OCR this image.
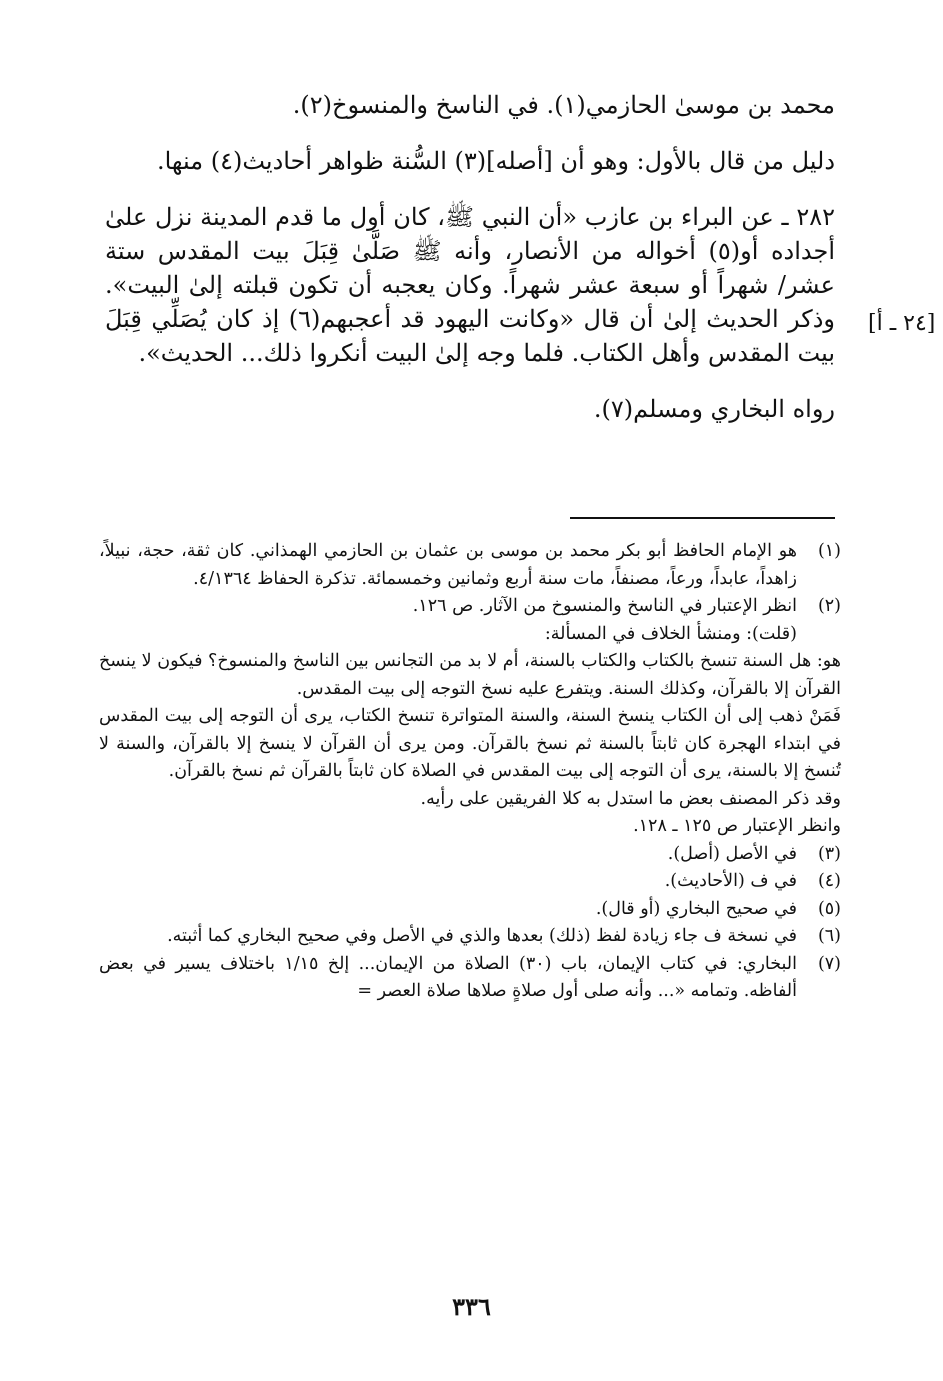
محمد بن موسىٰ الحازمي(١). في الناسخ والمنسوخ(٢).

دليل من قال بالأول: وهو أن [أصله](٣) السُّنة ظواهر أحاديث(٤) منها.

٢٨٢ ـ عن البراء بن عازب «أن النبي ﷺ، كان أول ما قدم المدينة نزل علىٰ أجداده أو(٥) أخواله من الأنصار، وأنه ﷺ صَلَّىٰ قِبَلَ بيت المقدس ستة عشر/ شهراً أو سبعة عشر شهراً. وكان يعجبه أن تكون قبلته إلىٰ البيت». وذكر الحديث إلىٰ أن قال «وكانت اليهود قد أعجبهم(٦) إذ كان يُصَلِّي قِبَلَ بيت المقدس وأهل الكتاب. فلما وجه إلىٰ البيت أنكروا ذلك... الحديث».

رواه البخاري ومسلم(٧).

[٢٤ ـ أ]
(١)

هو الإمام الحافظ أبو بكر محمد بن موسى بن عثمان بن الحازمي الهمذاني. كان ثقة، حجة، نبيلاً، زاهداً، عابداً، ورعاً، مصنفاً، مات سنة أربع وثمانين وخمسمائة. تذكرة الحفاظ ٤/١٣٦٤.

(٢)

انظر الإعتبار في الناسخ والمنسوخ من الآثار. ص ١٢٦.

(قلت): ومنشأ الخلاف في المسألة:

هو: هل السنة تنسخ بالكتاب والكتاب بالسنة، أم لا بد من التجانس بين الناسخ والمنسوخ؟ فيكون لا ينسخ القرآن إلا بالقرآن، وكذلك السنة. ويتفرع عليه نسخ التوجه إلى بيت المقدس.

فَمَنْ ذهب إلى أن الكتاب ينسخ السنة، والسنة المتواترة تنسخ الكتاب، يرى أن التوجه إلى بيت المقدس في ابتداء الهجرة كان ثابتاً بالسنة ثم نسخ بالقرآن. ومن يرى أن القرآن لا ينسخ إلا بالقرآن، والسنة لا تُنسخ إلا بالسنة، يرى أن التوجه إلى بيت المقدس في الصلاة كان ثابتاً بالقرآن ثم نسخ بالقرآن.

وقد ذكر المصنف بعض ما استدل به كلا الفريقين على رأيه.

وانظر الإعتبار ص ١٢٥ ـ ١٢٨.

(٣)

في الأصل (أصل).

(٤)

في ف (الأحاديث).

(٥)

في صحيح البخاري (أو قال).

(٦)

في نسخة ف جاء زيادة لفظ (ذلك) بعدها والذي في الأصل وفي صحيح البخاري كما أثبته.

(٧)

البخاري: في كتاب الإيمان، باب (٣٠) الصلاة من الإيمان... إلخ ١/١٥ باختلاف يسير في بعض ألفاظه. وتمامه «... وأنه صلى أول صلاةٍ صلاها صلاة العصر =

٣٣٦
